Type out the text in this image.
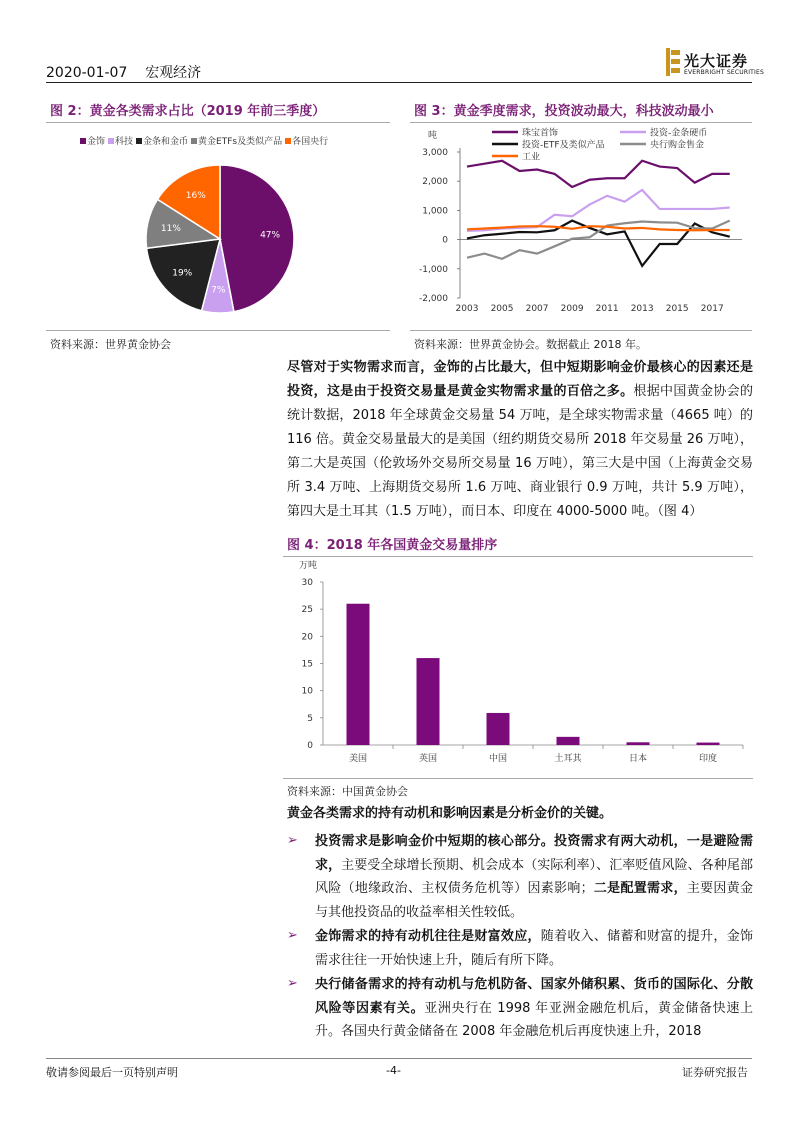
2020-01-07 宏观经济
光大证券
EVERBRIGHT SECURITIES
图 2：黄金各类需求占比（2019 年前三季度）
金饰 科技 金条和金币 黄金ETFs及类似产品 各国央行
47%
7%
19%
11%
16%
资料来源：世界黄金协会
图 3：黄金季度需求，投资波动最大，科技波动最小
吨
3,000
2,000
1,000
0
-1,000
-2,000
2003 2005 2007 2009 2011 2013 2015 2017
珠宝首饰	投资-金条硬币
投资-ETF及类似产品	央行购金售金
工业
资料来源：世界黄金协会。数据截止 2018 年。
尽管对于实物需求而言，金饰的占比最大，但中短期影响金价最核心的因素还是投资，这是由于投资交易量是黄金实物需求量的百倍之多。根据中国黄金协会的统计数据，2018 年全球黄金交易量 54 万吨，是全球实物需求量（4665 吨）的 116 倍。黄金交易量最大的是美国（纽约期货交易所 2018 年交易量 26 万吨），第二大是英国（伦敦场外交易所交易量 16 万吨），第三大是中国（上海黄金交易所 3.4 万吨、上海期货交易所 1.6 万吨、商业银行 0.9 万吨，共计 5.9 万吨），第四大是土耳其（1.5 万吨），而日本、印度在 4000-5000 吨。（图 4）
图 4：2018 年各国黄金交易量排序
万吨
30
25
20
15
10
5
0
美国	英国	中国	土耳其	日本	印度
资料来源：中国黄金协会
黄金各类需求的持有动机和影响因素是分析金价的关键。
➢ 投资需求是影响金价中短期的核心部分。投资需求有两大动机，一是避险需求，主要受全球增长预期、机会成本（实际利率）、汇率贬值风险、各种尾部风险（地缘政治、主权债务危机等）因素影响；二是配置需求，主要因黄金与其他投资品的收益率相关性较低。
➢ 金饰需求的持有动机往往是财富效应，随着收入、储蓄和财富的提升，金饰需求往往一开始快速上升，随后有所下降。
➢ 央行储备需求的持有动机与危机防备、国家外储积累、货币的国际化、分散风险等因素有关。亚洲央行在 1998 年亚洲金融危机后，黄金储备快速上升。各国央行黄金储备在 2008 年金融危机后再度快速上升，2018
敬请参阅最后一页特别声明	-4-	证券研究报告
